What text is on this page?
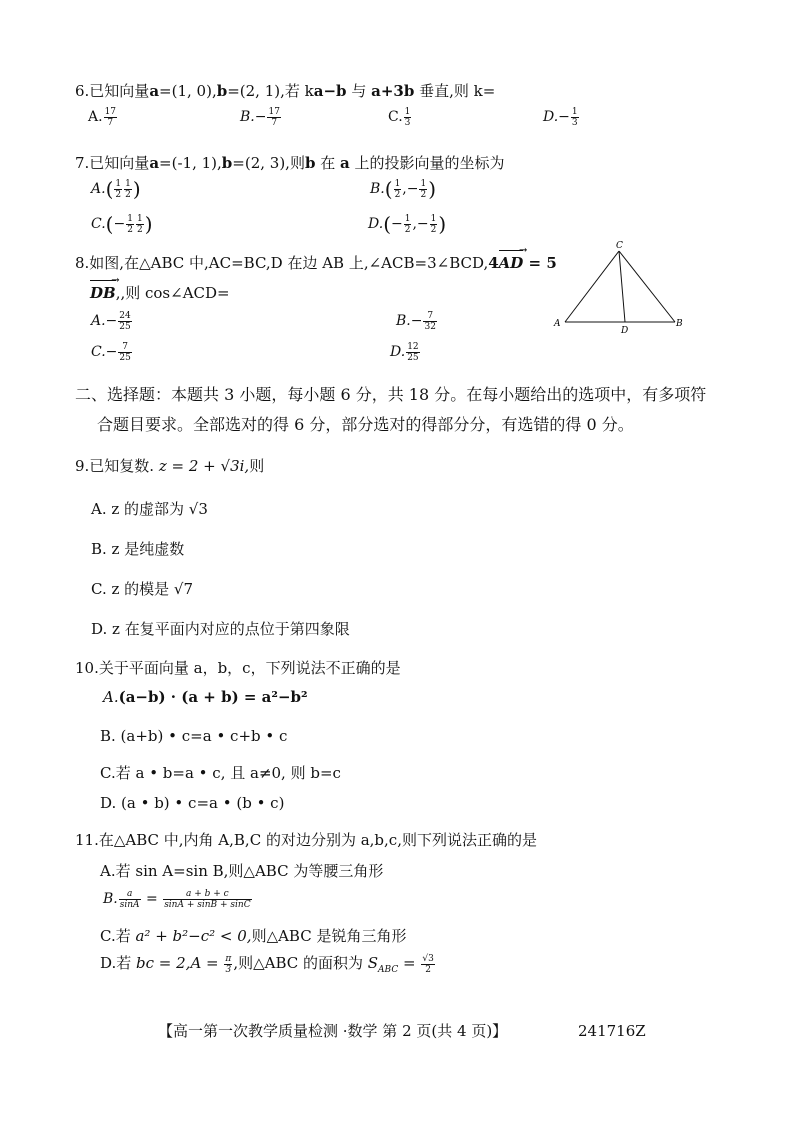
6.已知向量a=(1, 0),b=(2, 1),若 ka−b 与 a+3b 垂直,则 k=
A. $\frac{17}{7}$	$B.- \frac{17}{7}$	C. $\frac{1}{3}$	$D.- \frac{1}{3}$
7.已知向量a=(-1, 1),b=(2, 3),则b 在 a 上的投影向量的坐标为
$A.( \frac{1}{2} \frac{1}{2}$ )	$B.( \frac{1}{2}$ ,− $\frac{1}{2}$ )
$C.(- \frac{1}{2} \frac{1}{2}$ )	$D.(- \frac{1}{2}$ ,− $\frac{1}{2}$ )
8.如图,在△ABC 中,AC=BC,D 在边 AB 上,∠ACB=3∠BCD,4AD → = 5
DB →,,则 cos∠ACD=
$A.- \frac{24}{25}$	$B.- \frac{7}{32}$
$C.- \frac{7}{25}$	D. $\frac{12}{25}$
C
A
D
B
二、选择题：本题共 3 小题，每小题 6 分，共 18 分。在每小题给出的选项中，有多项符
合题目要求。全部选对的得 6 分，部分选对的得部分分，有选错的得 0 分。
9.已知复数. z = 2 + √3i,则
A. z 的虚部为 √3
B. z 是纯虚数
C. z 的模是 √7
D. z 在复平面内对应的点位于第四象限
10.关于平面向量 a，b，c，下列说法不正确的是
A.(a−b) · (a + b) = a²−b²
B. (a+b) • c=a • c+b • c
C.若 a • b=a • c, 且 a≠0, 则 b=c
D. (a • b) • c=a • (b • c)
11.在△ABC 中,内角 A,B,C 的对边分别为 a,b,c,则下列说法正确的是
A.若 sin A=sin B,则△ABC 为等腰三角形
B. $\frac{a}{\sin A} = \frac{a + b + c}{\sin A + \sin B + \sin C}$
C.若 a² + b²−c² < 0,则△ABC 是锐角三角形
D.若 bc = $2,A = \frac{\pi}{3}$ ,则△ABC 的面积为 $S_{ABC} = \frac{√3}{2}$
【高一第一次教学质量检测 ·数学 第 2 页(共 4 页)】	241716Z
